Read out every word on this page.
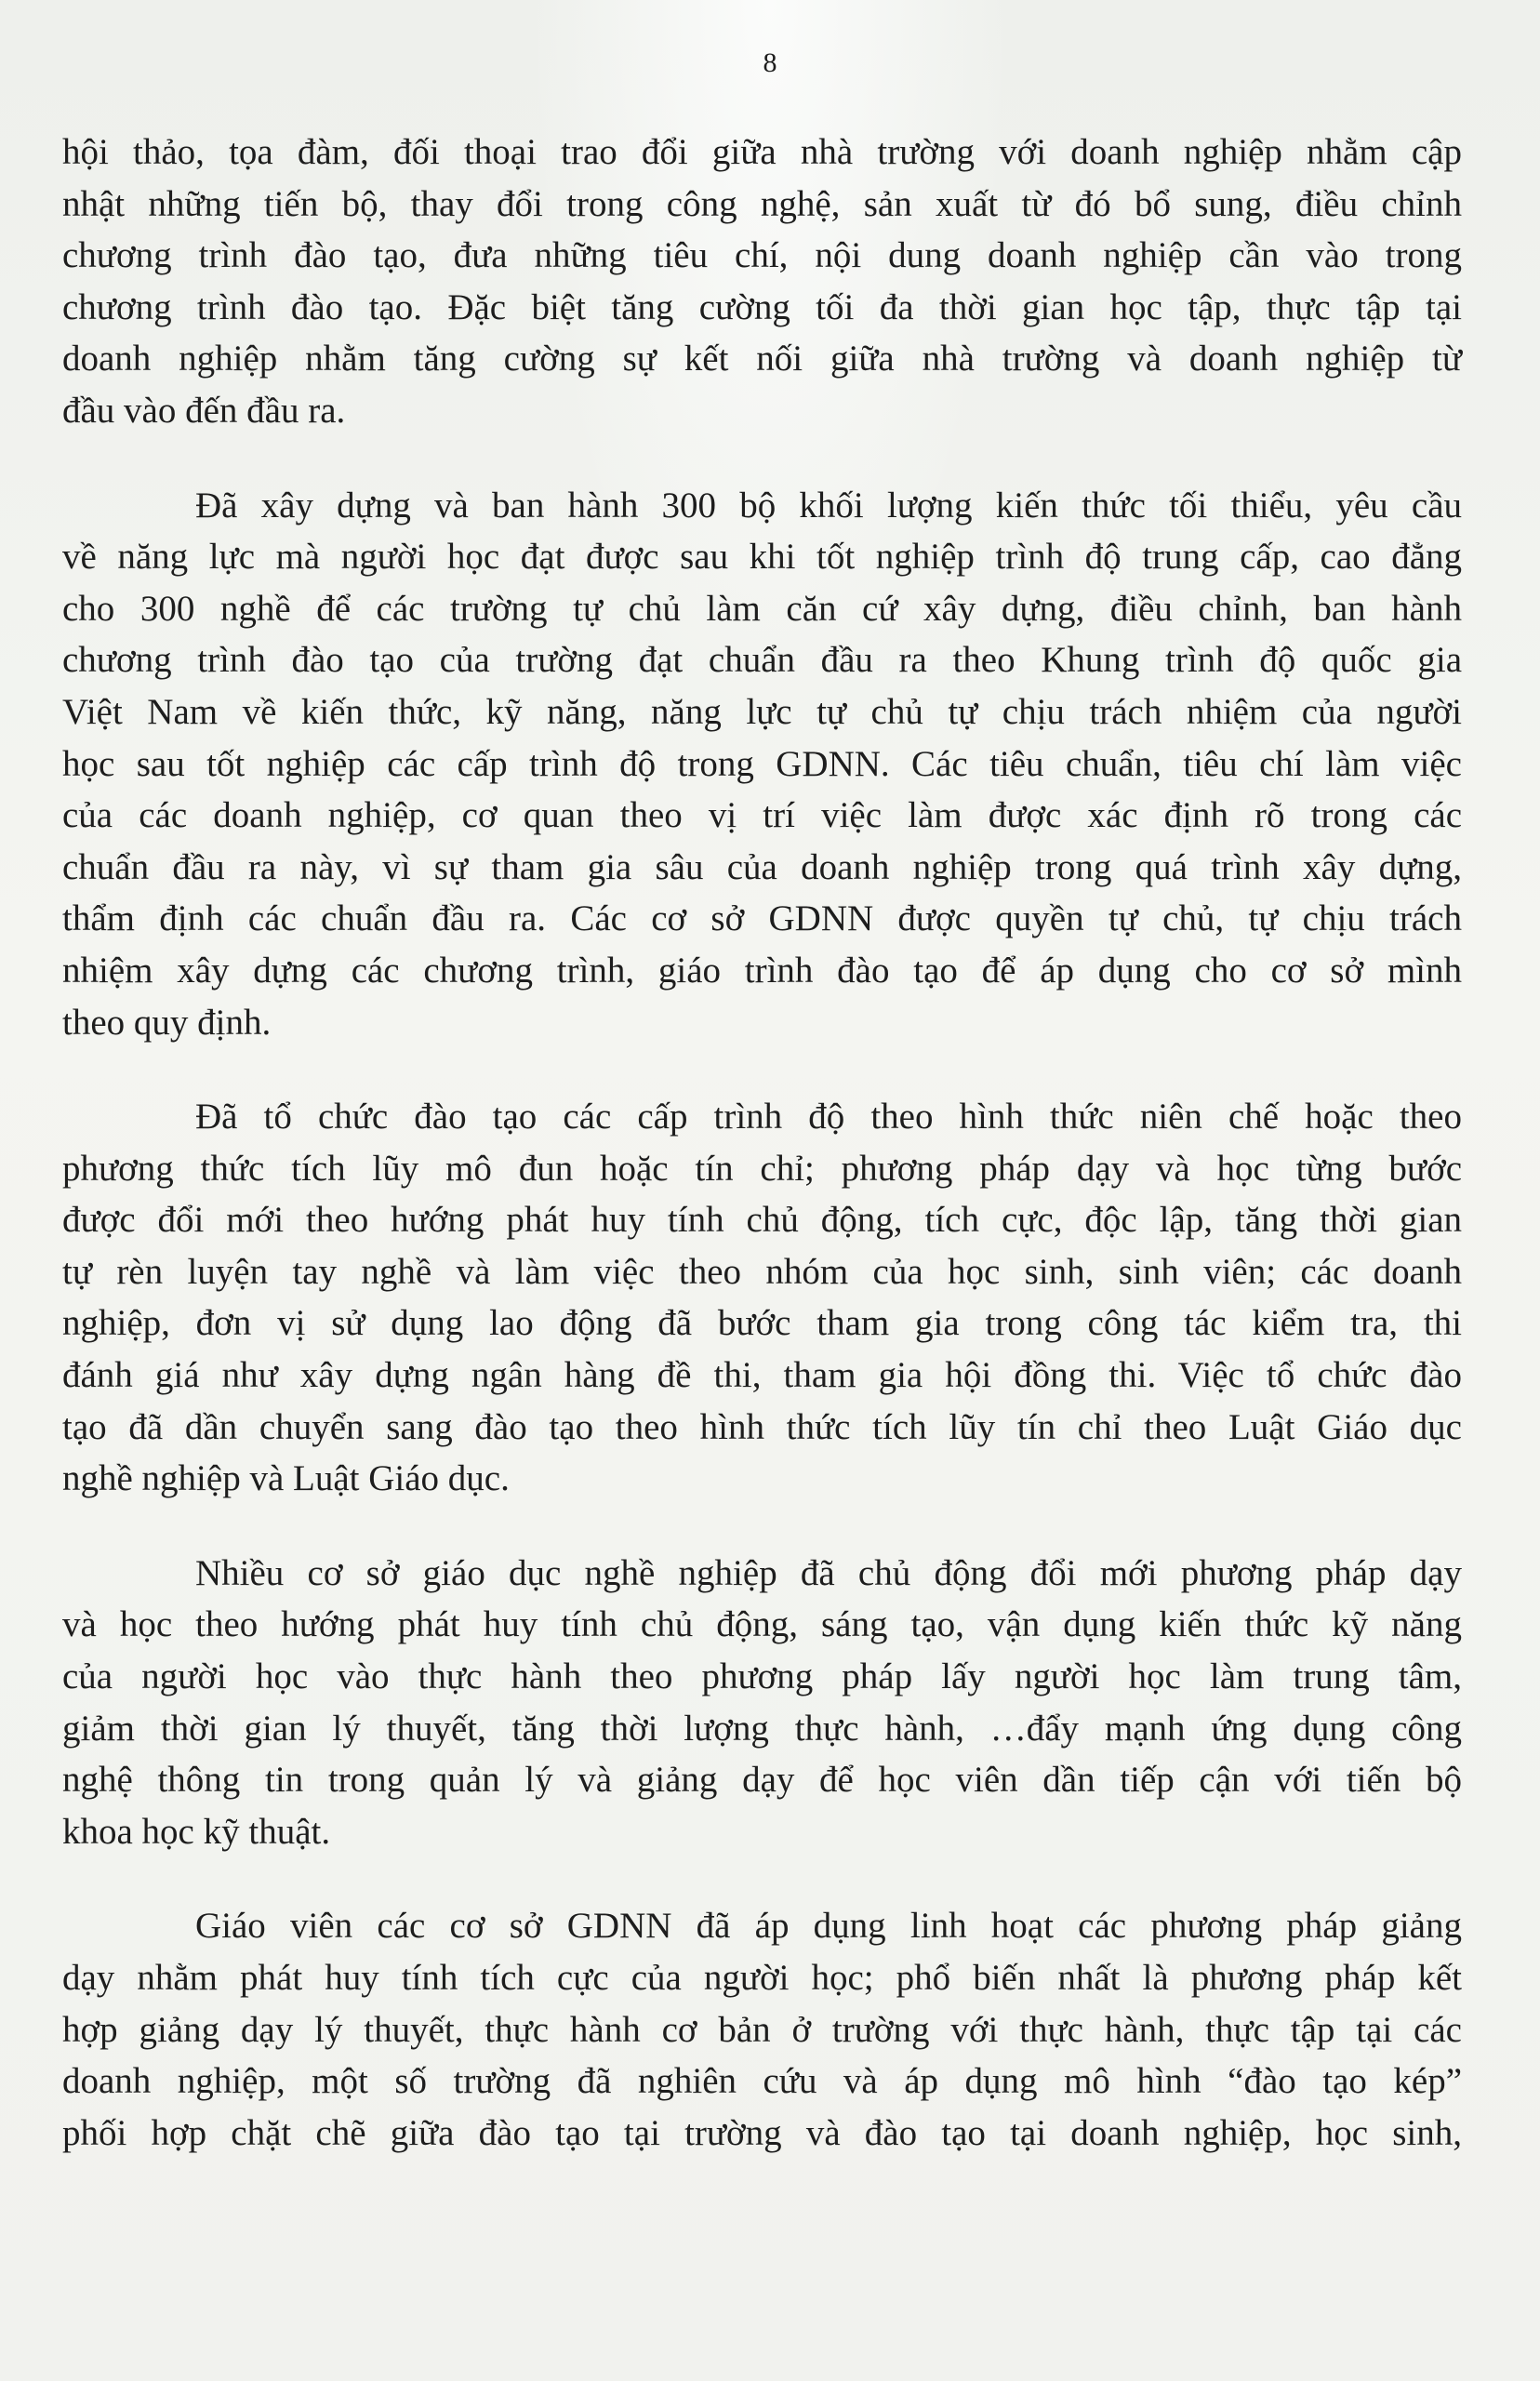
8

hội thảo, tọa đàm, đối thoại trao đổi giữa nhà trường với doanh nghiệp nhằm cập
nhật những tiến bộ, thay đổi trong công nghệ, sản xuất từ đó bổ sung, điều chỉnh
chương trình đào tạo, đưa những tiêu chí, nội dung doanh nghiệp cần vào trong
chương trình đào tạo. Đặc biệt tăng cường tối đa thời gian học tập, thực tập tại
doanh nghiệp nhằm tăng cường sự kết nối giữa nhà trường và doanh nghiệp từ
đầu vào đến đầu ra.

Đã xây dựng và ban hành 300 bộ khối lượng kiến thức tối thiểu, yêu cầu
về năng lực mà người học đạt được sau khi tốt nghiệp trình độ trung cấp, cao đẳng
cho 300 nghề để các trường tự chủ làm căn cứ xây dựng, điều chỉnh, ban hành
chương trình đào tạo của trường đạt chuẩn đầu ra theo Khung trình độ quốc gia
Việt Nam về kiến thức, kỹ năng, năng lực tự chủ tự chịu trách nhiệm của người
học sau tốt nghiệp các cấp trình độ trong GDNN. Các tiêu chuẩn, tiêu chí làm việc
của các doanh nghiệp, cơ quan theo vị trí việc làm được xác định rõ trong các
chuẩn đầu ra này, vì sự tham gia sâu của doanh nghiệp trong quá trình xây dựng,
thẩm định các chuẩn đầu ra. Các cơ sở GDNN được quyền tự chủ, tự chịu trách
nhiệm xây dựng các chương trình, giáo trình đào tạo để áp dụng cho cơ sở mình
theo quy định.

Đã tổ chức đào tạo các cấp trình độ theo hình thức niên chế hoặc theo
phương thức tích lũy mô đun hoặc tín chỉ; phương pháp dạy và học từng bước
được đổi mới theo hướng phát huy tính chủ động, tích cực, độc lập, tăng thời gian
tự rèn luyện tay nghề và làm việc theo nhóm của học sinh, sinh viên; các doanh
nghiệp, đơn vị sử dụng lao động đã bước tham gia trong công tác kiểm tra, thi
đánh giá như xây dựng ngân hàng đề thi, tham gia hội đồng thi. Việc tổ chức đào
tạo đã dần chuyển sang đào tạo theo hình thức tích lũy tín chỉ theo Luật Giáo dục
nghề nghiệp và Luật Giáo dục.

Nhiều cơ sở giáo dục nghề nghiệp đã chủ động đổi mới phương pháp dạy
và học theo hướng phát huy tính chủ động, sáng tạo, vận dụng kiến thức kỹ năng
của người học vào thực hành theo phương pháp lấy người học làm trung tâm,
giảm thời gian lý thuyết, tăng thời lượng thực hành, …đẩy mạnh ứng dụng công
nghệ thông tin trong quản lý và giảng dạy để học viên dần tiếp cận với tiến bộ
khoa học kỹ thuật.

Giáo viên các cơ sở GDNN đã áp dụng linh hoạt các phương pháp giảng
dạy nhằm phát huy tính tích cực của người học; phổ biến nhất là phương pháp kết
hợp giảng dạy lý thuyết, thực hành cơ bản ở trường với thực hành, thực tập tại các
doanh nghiệp, một số trường đã nghiên cứu và áp dụng mô hình “đào tạo kép”
phối hợp chặt chẽ giữa đào tạo tại trường và đào tạo tại doanh nghiệp, học sinh,
